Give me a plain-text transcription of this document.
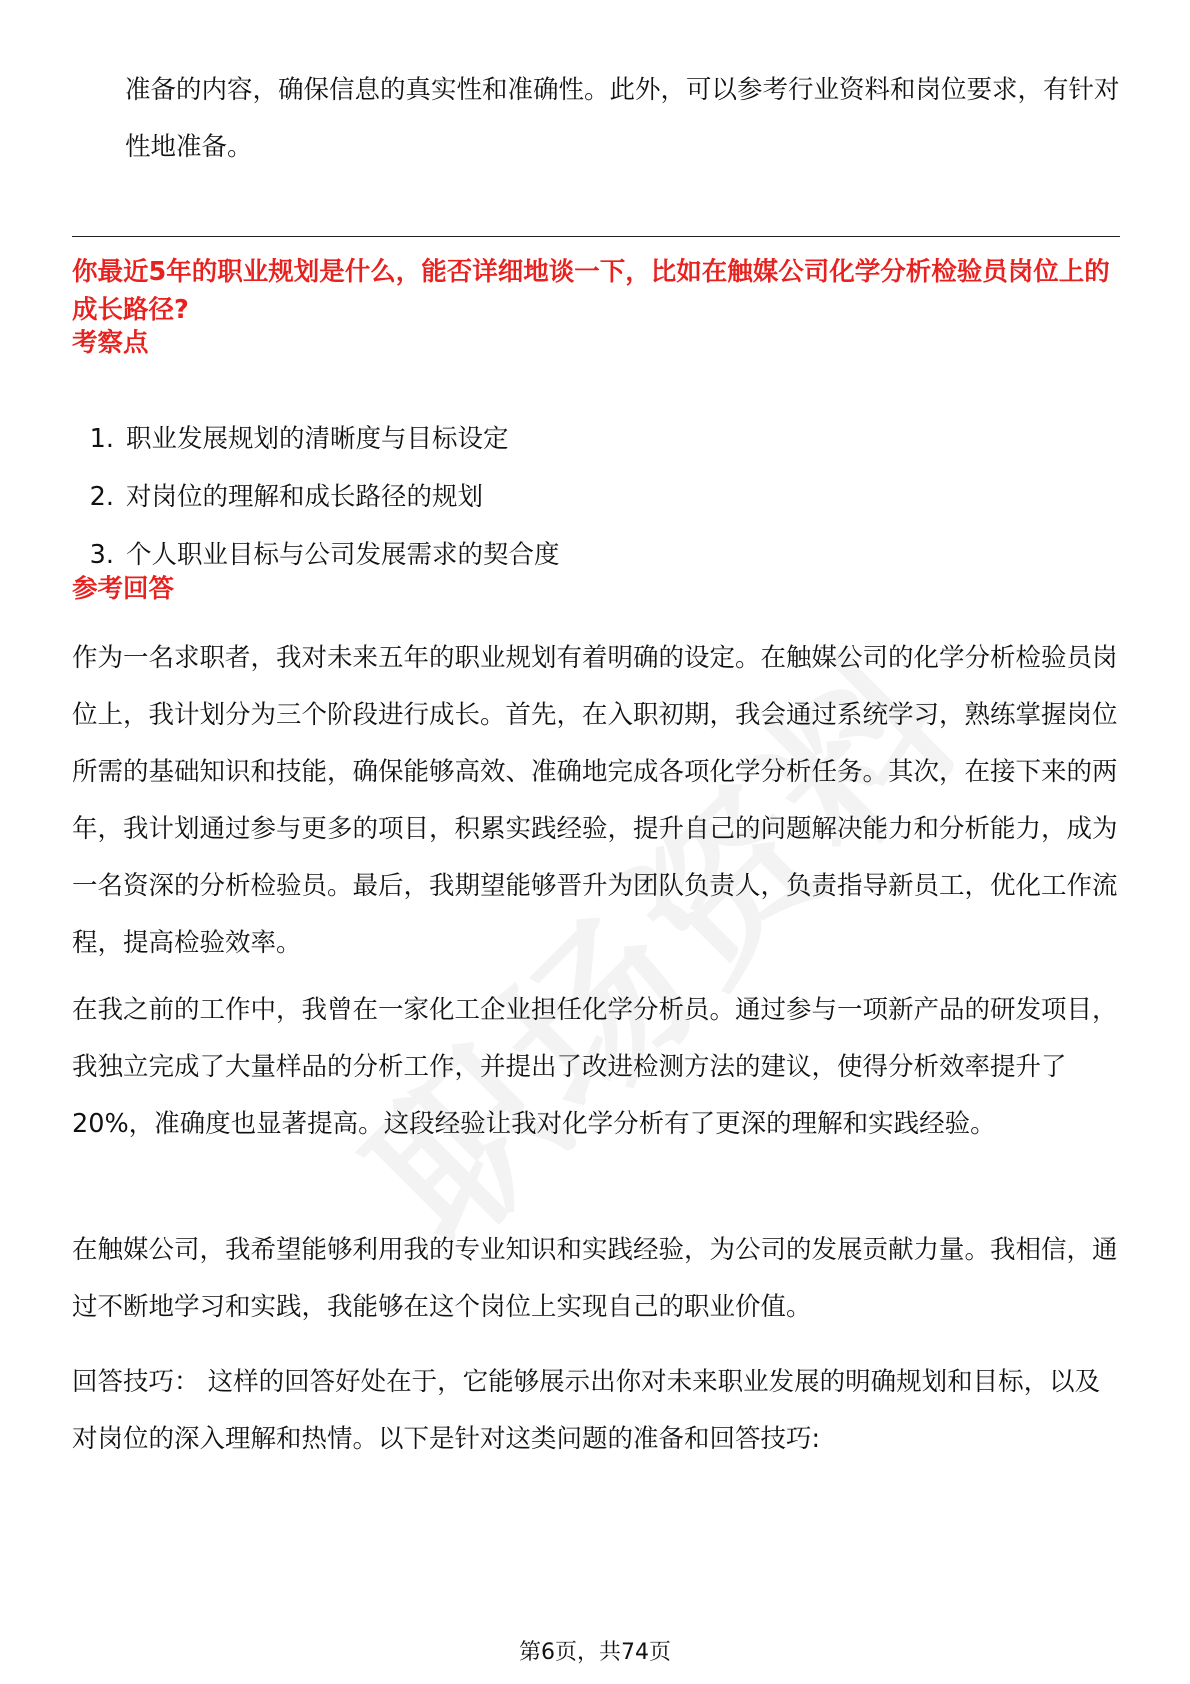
准备的内容，确保信息的真实性和准确性。此外，可以参考行业资料和岗位要求，有针对性地准备。

你最近5年的职业规划是什么，能否详细地谈一下，比如在触媒公司化学分析检验员岗位上的成长路径?

考察点

1. 职业发展规划的清晰度与目标设定
2. 对岗位的理解和成长路径的规划
3. 个人职业目标与公司发展需求的契合度

参考回答

作为一名求职者，我对未来五年的职业规划有着明确的设定。在触媒公司的化学分析检验员岗位上，我计划分为三个阶段进行成长。首先，在入职初期，我会通过系统学习，熟练掌握岗位所需的基础知识和技能，确保能够高效、准确地完成各项化学分析任务。其次，在接下来的两年，我计划通过参与更多的项目，积累实践经验，提升自己的问题解决能力和分析能力，成为一名资深的分析检验员。最后，我期望能够晋升为团队负责人，负责指导新员工，优化工作流程，提高检验效率。

在我之前的工作中，我曾在一家化工企业担任化学分析员。通过参与一项新产品的研发项目，我独立完成了大量样品的分析工作，并提出了改进检测方法的建议，使得分析效率提升了20%，准确度也显著提高。这段经验让我对化学分析有了更深的理解和实践经验。

在触媒公司，我希望能够利用我的专业知识和实践经验，为公司的发展贡献力量。我相信，通过不断地学习和实践，我能够在这个岗位上实现自己的职业价值。

回答技巧： 这样的回答好处在于，它能够展示出你对未来职业发展的明确规划和目标，以及对岗位的深入理解和热情。以下是针对这类问题的准备和回答技巧:

第6页，共74页
